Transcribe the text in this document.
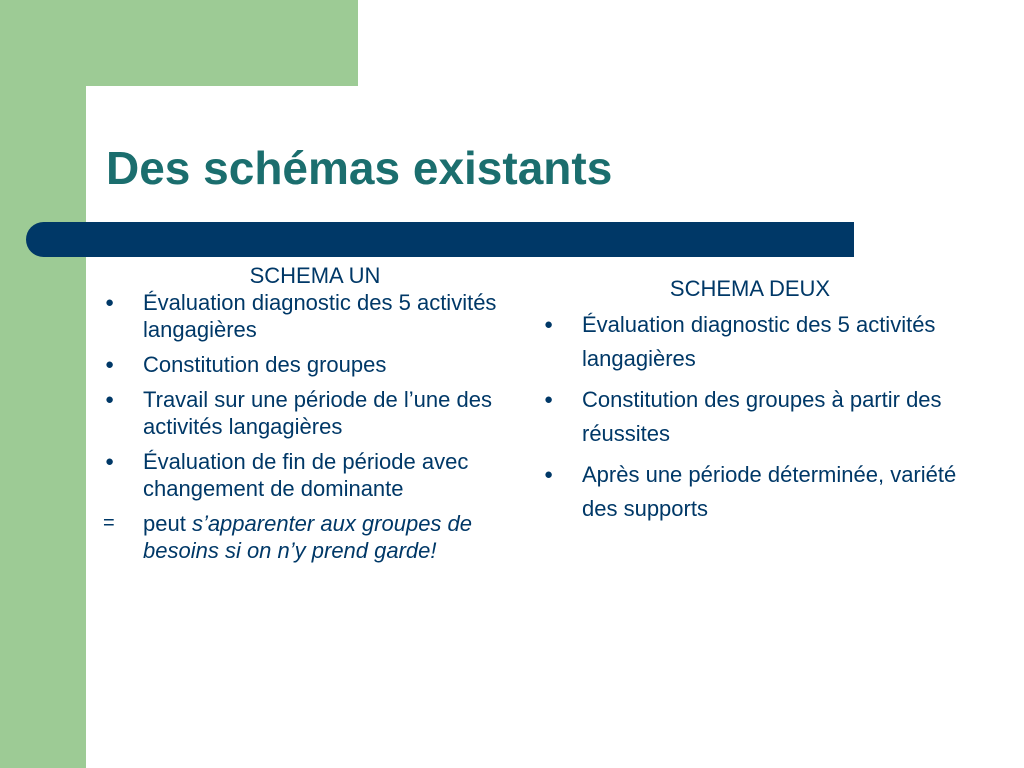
Des schémas existants
SCHEMA UN
●	Évaluation diagnostic des 5 activités langagières
●	Constitution des groupes
●	Travail sur une période de l’une des activités langagières
●	Évaluation de fin de période avec changement de dominante
=	peut s’apparenter aux groupes de besoins si on n’y prend garde!
SCHEMA DEUX
●	Évaluation diagnostic des 5 activités langagières
●	Constitution des groupes à partir des réussites
●	Après une période déterminée, variété des supports
